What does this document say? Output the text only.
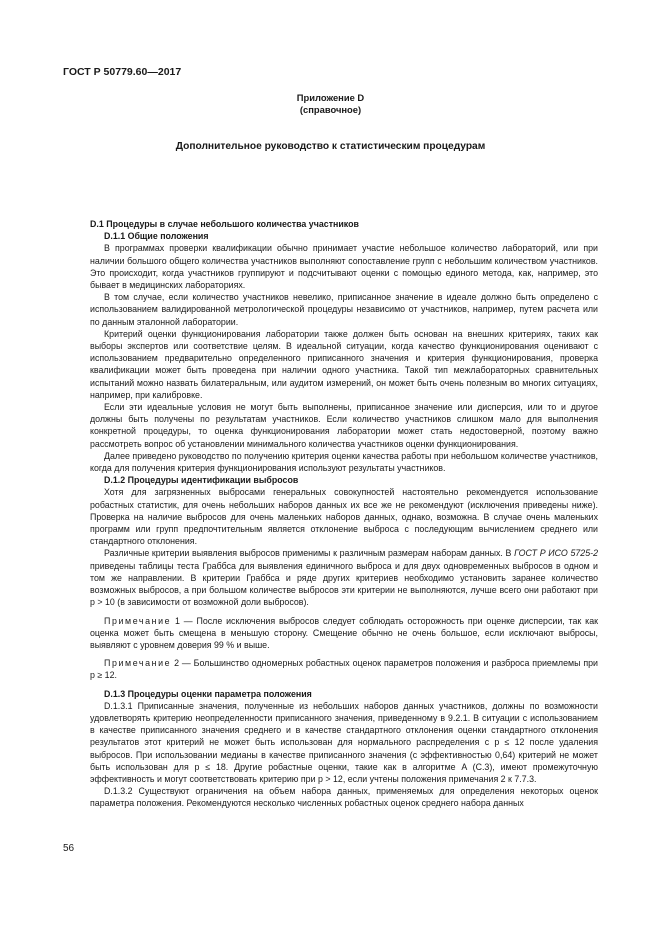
ГОСТ Р 50779.60—2017
Приложение D
(справочное)
Дополнительное руководство к статистическим процедурам
D.1 Процедуры в случае небольшого количества участников
D.1.1 Общие положения

В программах проверки квалификации обычно принимает участие небольшое количество лабораторий, или при наличии большого общего количества участников выполняют сопоставление групп с небольшим количеством участников. Это происходит, когда участников группируют и подсчитывают оценки с помощью единого метода, как, например, это бывает в медицинских лабораториях.

В том случае, если количество участников невелико, приписанное значение в идеале должно быть определено с использованием валидированной метрологической процедуры независимо от участников, например, путем расчета или по данным эталонной лаборатории.

Критерий оценки функционирования лаборатории также должен быть основан на внешних критериях, таких как выборы экспертов или соответствие целям. В идеальной ситуации, когда качество функционирования оценивают с использованием предварительно определенного приписанного значения и критерия функционирования, проверка квалификации может быть проведена при наличии одного участника. Такой тип межлабораторных сравнительных испытаний можно назвать билатеральным, или аудитом измерений, он может быть очень полезным во многих ситуациях, например, при калибровке.

Если эти идеальные условия не могут быть выполнены, приписанное значение или дисперсия, или то и другое должны быть получены по результатам участников. Если количество участников слишком мало для выполнения конкретной процедуры, то оценка функционирования лаборатории может стать недостоверной, поэтому важно рассмотреть вопрос об установлении минимального количества участников оценки функционирования.

Далее приведено руководство по получению критерия оценки качества работы при небольшом количестве участников, когда для получения критерия функционирования используют результаты участников.

D.1.2 Процедуры идентификации выбросов

Хотя для загрязненных выбросами генеральных совокупностей настоятельно рекомендуется использование робастных статистик, для очень небольших наборов данных их все же не рекомендуют (исключения приведены ниже). Проверка на наличие выбросов для очень маленьких наборов данных, однако, возможна. В случае очень маленьких программ или групп предпочтительным является отклонение выброса с последующим вычислением среднего или стандартного отклонения.

Различные критерии выявления выбросов применимы к различным размерам наборам данных. В ГОСТ Р ИСО 5725-2 приведены таблицы теста Граббса для выявления единичного выброса и для двух одновременных выбросов в одном и том же направлении. В критерии Граббса и ряде других критериев необходимо установить заранее количество возможных выбросов, а при большом количестве выбросов эти критерии не выполняются, лучше всего они работают при p > 10 (в зависимости от возможной доли выбросов).

Примечание 1 — После исключения выбросов следует соблюдать осторожность при оценке дисперсии, так как оценка может быть смещена в меньшую сторону. Смещение обычно не очень большое, если исключают выбросы, выявляют с уровнем доверия 99 % и выше.

Примечание 2 — Большинство одномерных робастных оценок параметров положения и разброса приемлемы при p ≥ 12.

D.1.3 Процедуры оценки параметра положения

D.1.3.1 Приписанные значения, полученные из небольших наборов данных участников, должны по возможности удовлетворять критерию неопределенности приписанного значения, приведенному в 9.2.1. В ситуации с использованием в качестве приписанного значения среднего и в качестве стандартного отклонения оценки стандартного отклонения результатов этот критерий не может быть использован для нормального распределения с p ≤ 12 после удаления выбросов. При использовании медианы в качестве приписанного значения (с эффективностью 0,64) критерий не может быть использован для p ≤ 18. Другие робастные оценки, такие как в алгоритме A (С.3), имеют промежуточную эффективность и могут соответствовать критерию при p > 12, если учтены положения примечания 2 к 7.7.3.

D.1.3.2 Существуют ограничения на объем набора данных, применяемых для определения некоторых оценок параметра положения. Рекомендуются несколько численных робастных оценок среднего набора данных

56
